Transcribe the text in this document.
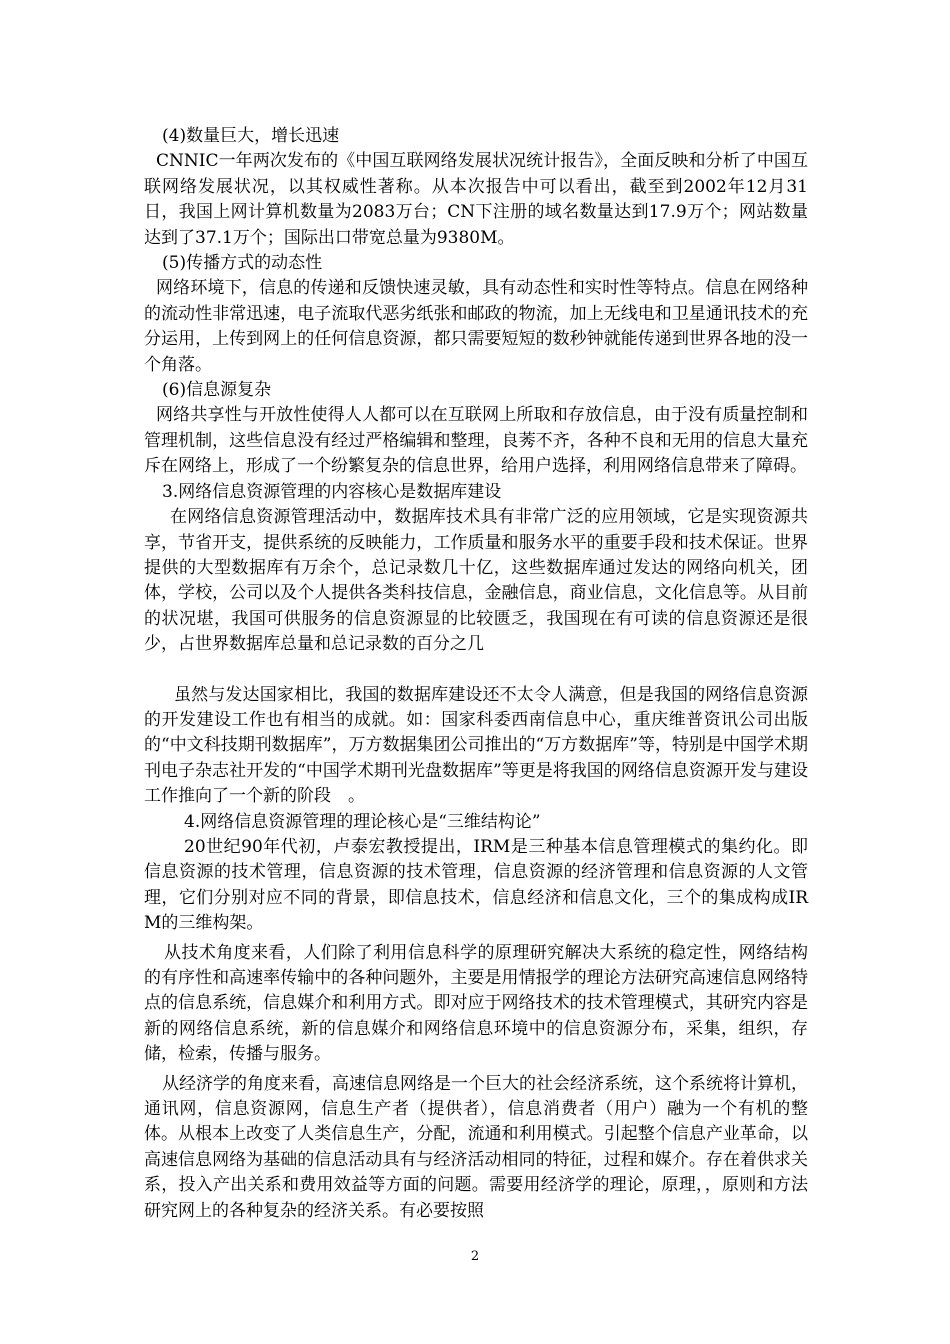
(4)数量巨大，增长迅速
CNNIC一年两次发布的《中国互联网络发展状况统计报告》，全面反映和分析了中国互联网络发展状况，以其权威性著称。从本次报告中可以看出，截至到2002年12月31日，我国上网计算机数量为2083万台；CN下注册的域名数量达到17.9万个；网站数量达到了37.1万个；国际出口带宽总量为9380M。
(5)传播方式的动态性
网络环境下，信息的传递和反馈快速灵敏，具有动态性和实时性等特点。信息在网络种的流动性非常迅速，电子流取代恶劣纸张和邮政的物流，加上无线电和卫星通讯技术的充分运用，上传到网上的任何信息资源，都只需要短短的数秒钟就能传递到世界各地的没一个角落。
(6)信息源复杂
网络共享性与开放性使得人人都可以在互联网上所取和存放信息，由于没有质量控制和管理机制，这些信息没有经过严格编辑和整理，良莠不齐，各种不良和无用的信息大量充斥在网络上，形成了一个纷繁复杂的信息世界，给用户选择，利用网络信息带来了障碍。
3.网络信息资源管理的内容核心是数据库建设
在网络信息资源管理活动中，数据库技术具有非常广泛的应用领域，它是实现资源共享，节省开支，提供系统的反映能力，工作质量和服务水平的重要手段和技术保证。世界提供的大型数据库有万余个，总记录数几十亿，这些数据库通过发达的网络向机关，团体，学校，公司以及个人提供各类科技信息，金融信息，商业信息，文化信息等。从目前的状况堪，我国可供服务的信息资源显的比较匮乏，我国现在有可读的信息资源还是很少，占世界数据库总量和总记录数的百分之几
虽然与发达国家相比，我国的数据库建设还不太令人满意，但是我国的网络信息资源的开发建设工作也有相当的成就。如：国家科委西南信息中心，重庆维普资讯公司出版的“中文科技期刊数据库”，万方数据集团公司推出的“万方数据库”等，特别是中国学术期刊电子杂志社开发的“中国学术期刊光盘数据库”等更是将我国的网络信息资源开发与建设工作推向了一个新的阶段　。
4.网络信息资源管理的理论核心是“三维结构论”
20世纪90年代初，卢泰宏教授提出，IRM是三种基本信息管理模式的集约化。即信息资源的技术管理，信息资源的技术管理，信息资源的经济管理和信息资源的人文管理，它们分别对应不同的背景，即信息技术，信息经济和信息文化，三个的集成构成IRM的三维构架。
从技术角度来看，人们除了利用信息科学的原理研究解决大系统的稳定性，网络结构的有序性和高速率传输中的各种问题外，主要是用情报学的理论方法研究高速信息网络特点的信息系统，信息媒介和利用方式。即对应于网络技术的技术管理模式，其研究内容是新的网络信息系统，新的信息媒介和网络信息环境中的信息资源分布，采集，组织，存储，检索，传播与服务。
从经济学的角度来看，高速信息网络是一个巨大的社会经济系统，这个系统将计算机，通讯网，信息资源网，信息生产者（提供者），信息消费者（用户）融为一个有机的整体。从根本上改变了人类信息生产，分配，流通和利用模式。引起整个信息产业革命，以高速信息网络为基础的信息活动具有与经济活动相同的特征，过程和媒介。存在着供求关系，投入产出关系和费用效益等方面的问题。需要用经济学的理论，原理，，原则和方法研究网上的各种复杂的经济关系。有必要按照
2
